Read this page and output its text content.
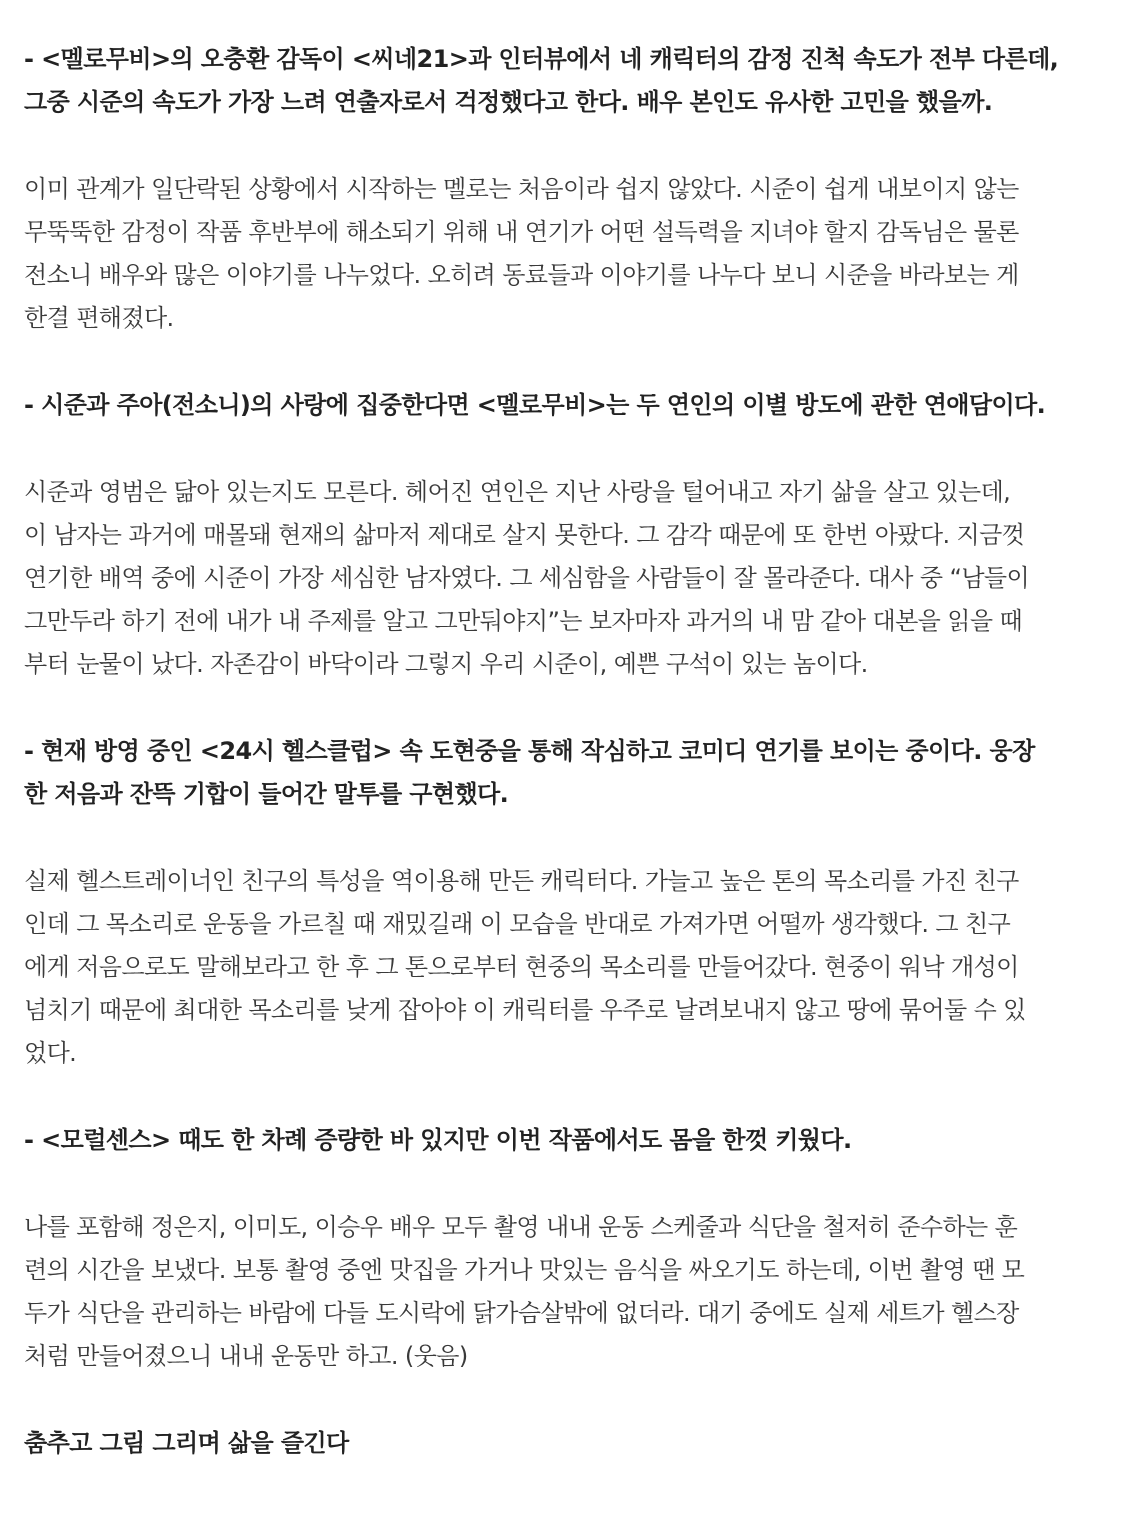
- <멜로무비>의 오충환 감독이 <씨네21>과 인터뷰에서 네 캐릭터의 감정 진척 속도가 전부 다른데,
그중 시준의 속도가 가장 느려 연출자로서 걱정했다고 한다. 배우 본인도 유사한 고민을 했을까.
이미 관계가 일단락된 상황에서 시작하는 멜로는 처음이라 쉽지 않았다. 시준이 쉽게 내보이지 않는
무뚝뚝한 감정이 작품 후반부에 해소되기 위해 내 연기가 어떤 설득력을 지녀야 할지 감독님은 물론
전소니 배우와 많은 이야기를 나누었다. 오히려 동료들과 이야기를 나누다 보니 시준을 바라보는 게
한결 편해졌다.
- 시준과 주아(전소니)의 사랑에 집중한다면 <멜로무비>는 두 연인의 이별 방도에 관한 연애담이다.
시준과 영범은 닮아 있는지도 모른다. 헤어진 연인은 지난 사랑을 털어내고 자기 삶을 살고 있는데,
이 남자는 과거에 매몰돼 현재의 삶마저 제대로 살지 못한다. 그 감각 때문에 또 한번 아팠다. 지금껏
연기한 배역 중에 시준이 가장 세심한 남자였다. 그 세심함을 사람들이 잘 몰라준다. 대사 중 “남들이
그만두라 하기 전에 내가 내 주제를 알고 그만둬야지”는 보자마자 과거의 내 맘 같아 대본을 읽을 때
부터 눈물이 났다. 자존감이 바닥이라 그렇지 우리 시준이, 예쁜 구석이 있는 놈이다.
- 현재 방영 중인 <24시 헬스클럽> 속 도현중을 통해 작심하고 코미디 연기를 보이는 중이다. 웅장
한 저음과 잔뜩 기합이 들어간 말투를 구현했다.
실제 헬스트레이너인 친구의 특성을 역이용해 만든 캐릭터다. 가늘고 높은 톤의 목소리를 가진 친구
인데 그 목소리로 운동을 가르칠 때 재밌길래 이 모습을 반대로 가져가면 어떨까 생각했다. 그 친구
에게 저음으로도 말해보라고 한 후 그 톤으로부터 현중의 목소리를 만들어갔다. 현중이 워낙 개성이
넘치기 때문에 최대한 목소리를 낮게 잡아야 이 캐릭터를 우주로 날려보내지 않고 땅에 묶어둘 수 있
었다.
- <모럴센스> 때도 한 차례 증량한 바 있지만 이번 작품에서도 몸을 한껏 키웠다.
나를 포함해 정은지, 이미도, 이승우 배우 모두 촬영 내내 운동 스케줄과 식단을 철저히 준수하는 훈
련의 시간을 보냈다. 보통 촬영 중엔 맛집을 가거나 맛있는 음식을 싸오기도 하는데, 이번 촬영 땐 모
두가 식단을 관리하는 바람에 다들 도시락에 닭가슴살밖에 없더라. 대기 중에도 실제 세트가 헬스장
처럼 만들어졌으니 내내 운동만 하고. (웃음)
춤추고 그림 그리며 삶을 즐긴다
